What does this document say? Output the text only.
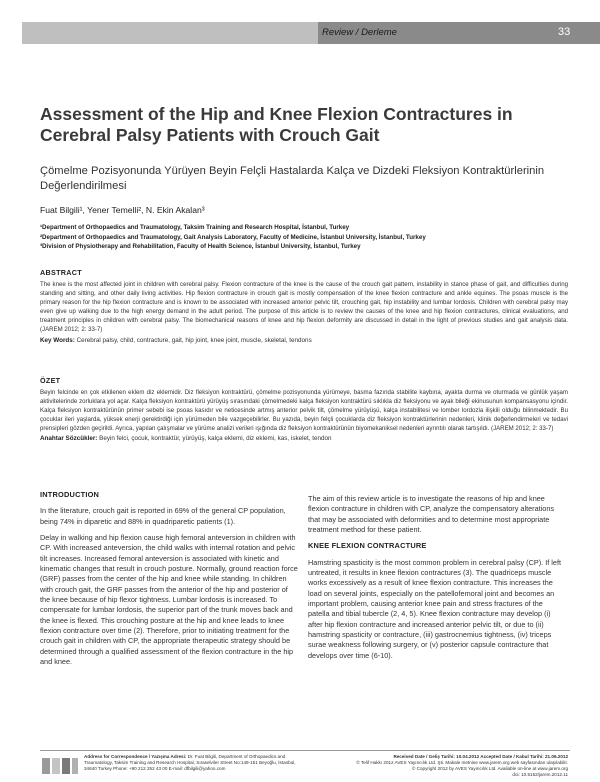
Review / Derleme	33
Assessment of the Hip and Knee Flexion Contractures in Cerebral Palsy Patients with Crouch Gait
Çömelme Pozisyonunda Yürüyen Beyin Felçli Hastalarda Kalça ve Dizdeki Fleksiyon Kontraktürlerinin Değerlendirilmesi
Fuat Bilgili¹, Yener Temelli², N. Ekin Akalan³
¹Department of Orthopaedics and Traumatology, Taksim Training and Research Hospital, İstanbul, Turkey
²Department of Orthopaedics and Traumatology, Gait Analysis Laboratory, Faculty of Medicine, İstanbul University, İstanbul, Turkey
³Division of Physiotherapy and Rehabilitation, Faculty of Health Science, İstanbul University, İstanbul, Turkey
ABSTRACT
The knee is the most affected joint in children with cerebral palsy. Flexion contracture of the knee is the cause of the crouch gait pattern, instability in stance phase of gait, and difficulties during standing and sitting, and other daily living activities. Hip flexion contracture in crouch gait is mostly compensation of the knee flexion contracture and ankle equines. The psoas muscle is the primary reason for the hip flexion contracture and is known to be associated with increased anterior pelvic tilt, crouching gait, hip instability and lumbar lordosis. Children with cerebral palsy may even give up walking due to the high energy demand in the adult period. The purpose of this article is to review the causes of the knee and hip flexion contractures, clinical evaluations, and treatment principles in children with cerebral palsy. The biomechanical reasons of knee and hip flexion deformity are discussed in detail in the light of previous studies and gait analysis data. (JAREM 2012; 2: 33-7)
Key Words: Cerebral palsy, child, contracture, gait, hip joint, knee joint, muscle, skeletal, tendons
ÖZET
Beyin felcinde en çok etkilenen eklem diz eklemidir. Diz fleksiyon kontraktürü, çömelme pozisyonunda yürümeye, basma fazında stabilite kaybına, ayakta durma ve oturmada ve günlük yaşam aktivitelerinde zorluklara yol açar. Kalça fleksiyon kontraktürü yürüyüş sırasındaki çömelmedeki kalça fleksiyon kontraktürü sıklıkla diz fleksiyonu ve ayak bileği ekinusunun kompansasyonu içindir. Kalça fleksiyon kontraktürünün primer sebebi ise psoas kasıdır ve neticesinde artmış anterior pelvik tilt, çömelme yürüyüşü, kalça instabilitesi ve lomber lordozla ilişkili olduğu bilinmektedir. Bu çocuklar ileri yaşlarda, yüksek enerji gerektirdiği için yürümeden bile vazgeçebilirler. Bu yazıda, beyin felçli çocuklarda diz fleksiyon kontraktürlerinin nedenleri, klinik değerlendirmeleri ve tedavi prensipleri gözden geçirildi. Ayrıca, yapılan çalışmalar ve yürüme analizi verileri ışığında diz fleksiyon kontraktürünün biyomekaniksel nedenleri ayrıntılı olarak tartışıldı. (JAREM 2012; 2: 33-7)
Anahtar Sözcükler: Beyin felci, çocuk, kontraktür, yürüyüş, kalça eklemi, diz eklemi, kas, iskelet, tendon
INTRODUCTION

In the literature, crouch gait is reported in 69% of the general CP population, being 74% in diparetic and 88% in quadriparetic patients (1).

Delay in walking and hip flexion cause high femoral anteversion in children with CP. With increased anteversion, the child walks with internal rotation and pelvic tilt increases. Increased femoral anteversion is associated with kinetic and kinematic changes that result in crouch posture. Normally, ground reaction force (GRF) passes from the center of the hip and knee while standing. In children with crouch gait, the GRF passes from the anterior of the hip and posterior of the knee because of hip flexor tightness. Lumbar lordosis is increased. To compensate for lumbar lordosis, the superior part of the trunk moves back and the knee is flexed. This crouching posture at the hip and knee leads to knee flexion contracture over time (2). Therefore, prior to initiating treatment for the crouch gait in children with CP, the appropriate therapeutic strategy should be determined through a qualified assessment of the flexion contracture in the hip and knee.

The aim of this review article is to investigate the reasons of hip and knee flexion contracture in children with CP, analyze the compensatory alterations that may be associated with deformities and to determine most appropriate treatment method for these patient.

KNEE FLEXION CONTRACTURE

Hamstring spasticity is the most common problem in cerebral palsy (CP). If left untreated, it results in knee flexion contractures (3). The quadriceps muscle works excessively as a result of knee flexion contracture. This increases the load on several joints, especially on the patellofemoral joint and becomes an important problem, causing anterior knee pain and stress fractures of the patella and tibial tubercle (2, 4, 5). Knee flexion contracture may develop (i) after hip flexion contracture and increased anterior pelvic tilt, or due to (ii) hamstring spasticity or contracture, (iii) gastrocnemius tightness, (iv) triceps surae weakness following surgery, or (v) posterior capsule contracture that develops over time (6-10).

Address for Correspondence / Yazışma Adresi: Dr. Fuat Bilgili, Department of Orthopaedics and Traumatology, Taksim Training and Research Hospital, Sıraselviler Street No:149-151 Beyoğlu, İstanbul, 34640 Turkey Phone: +90 212 252 43 00 E-mail: dfbilgili@yahoo.com
Received Date / Geliş Tarihi: 10.04.2012 Accepted Date / Kabul Tarihi: 21.06.2012
© Telif Hakkı 2012 AVES Yayıncılık Ltd. Şti. Makale metnine www.jarem.org web sayfasından ulaşılabilir.
© Copyright 2012 by AVES Yayıncılık Ltd. Available on-line at www.jarem.org
doi: 10.5152/jarem.2012.11
